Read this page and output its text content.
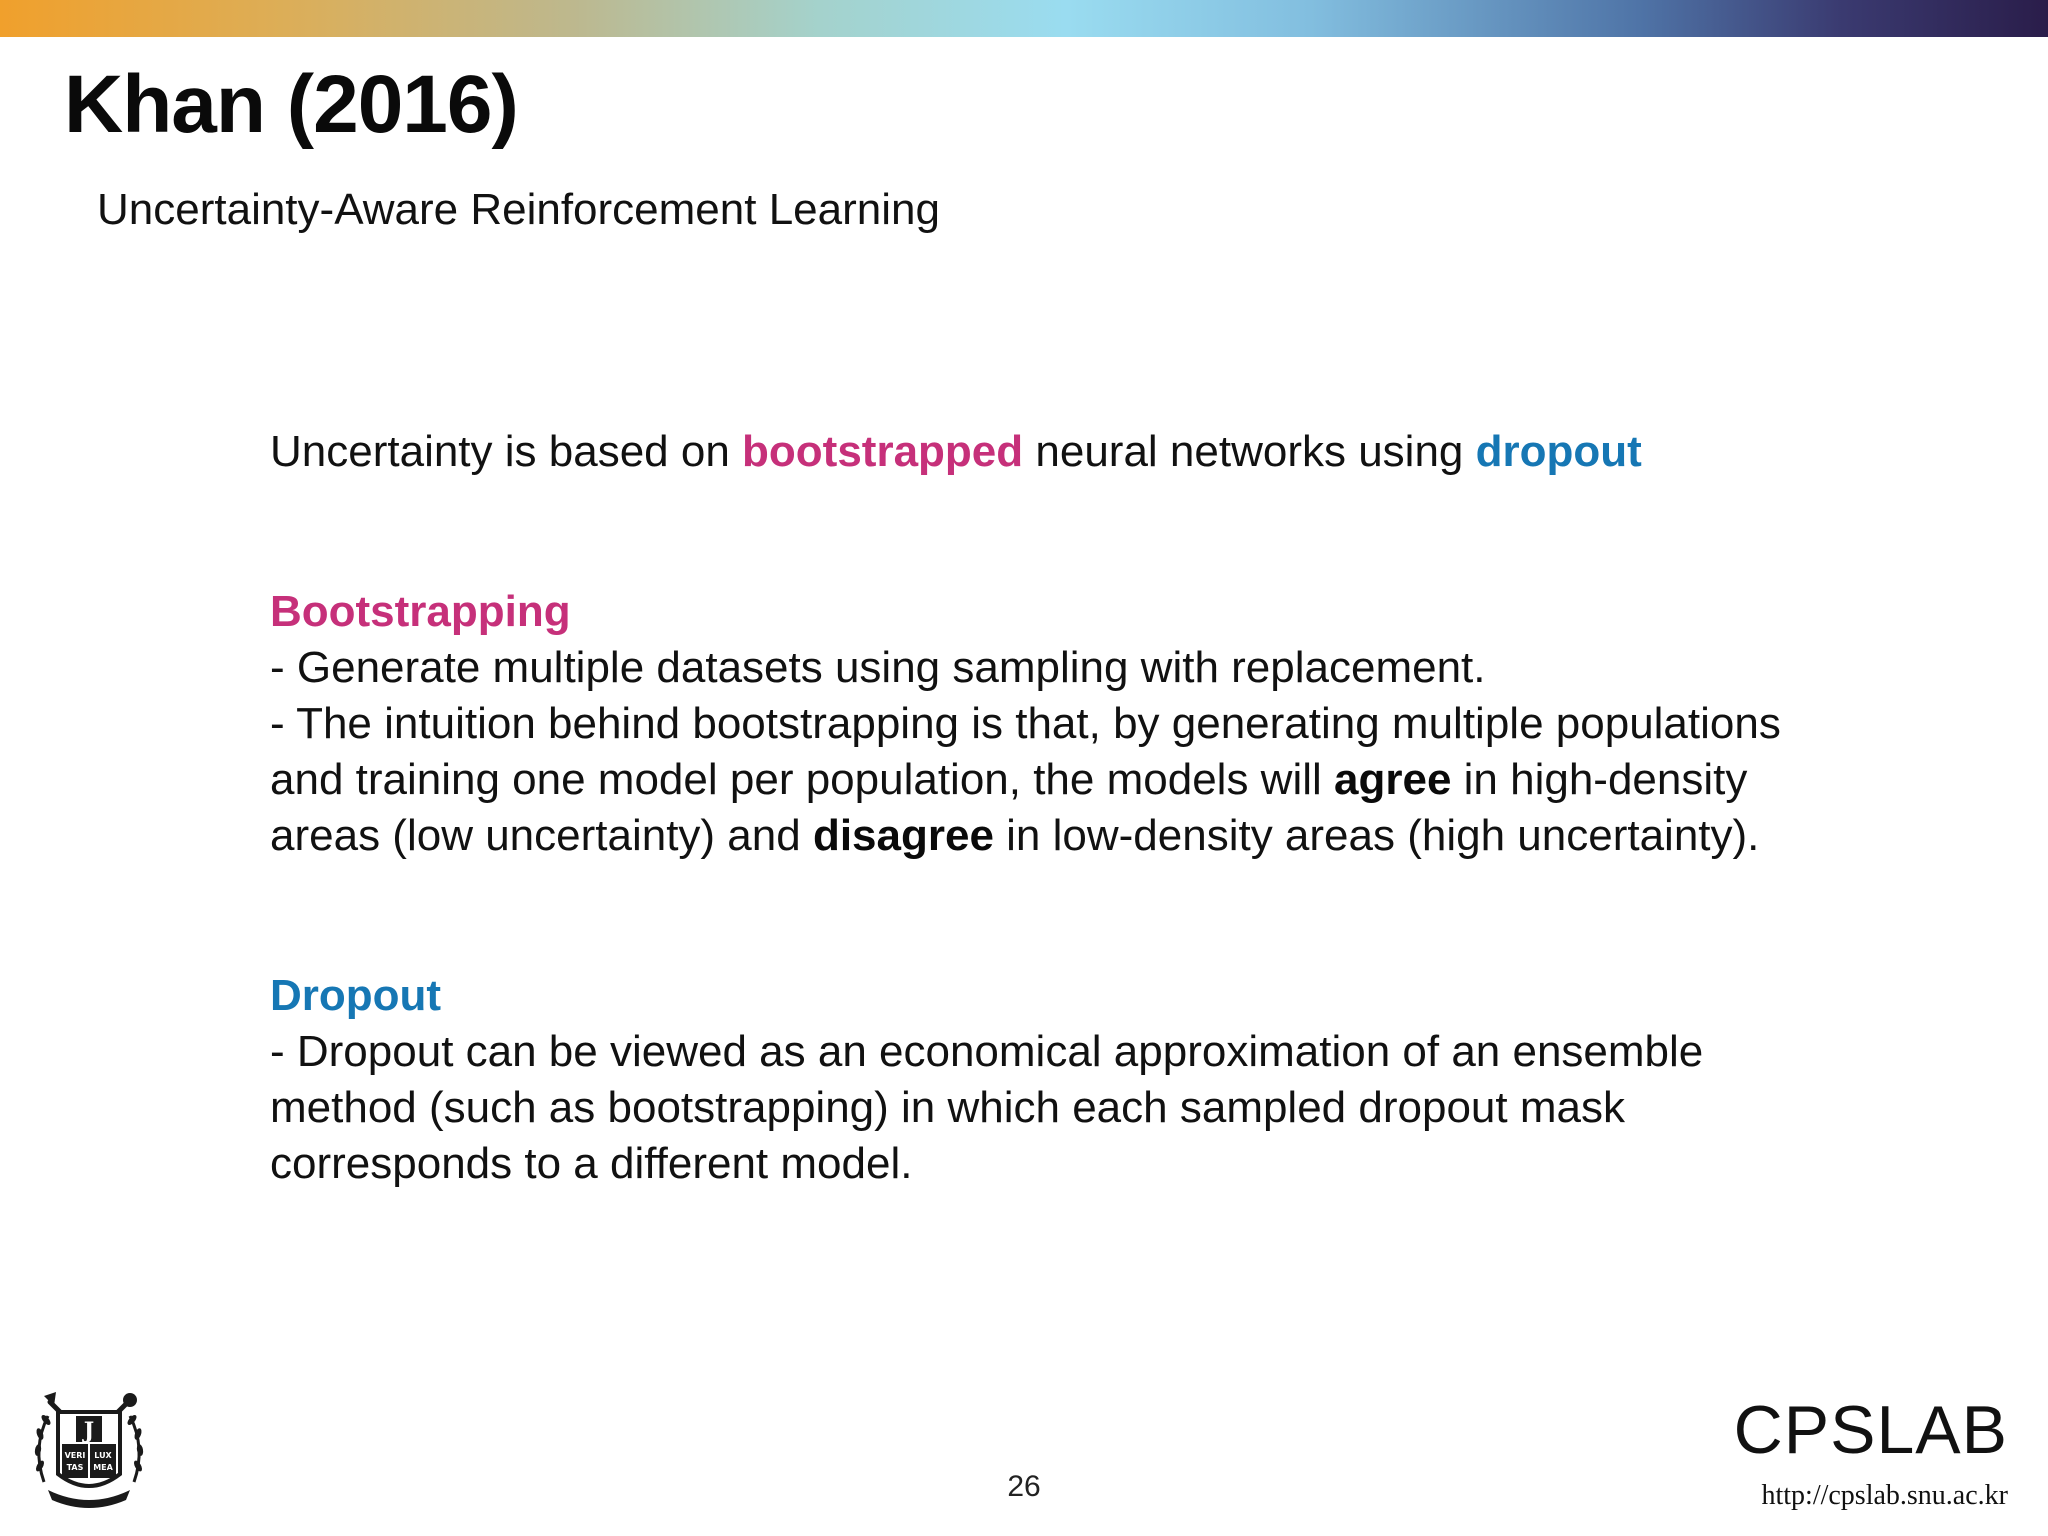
Khan (2016)
Uncertainty-Aware Reinforcement Learning
Uncertainty is based on bootstrapped neural networks using dropout
Bootstrapping
- Generate multiple datasets using sampling with replacement.
- The intuition behind bootstrapping is that, by generating multiple populations
and training one model per population, the models will agree in high-density
areas (low uncertainty) and disagree in low-density areas (high uncertainty).
Dropout
- Dropout can be viewed as an economical approximation of an ensemble
method (such as bootstrapping) in which each sampled dropout mask
corresponds to a different model.
J
VERI LUX
TAS MEA
26
CPSLAB
http://cpslab.snu.ac.kr
